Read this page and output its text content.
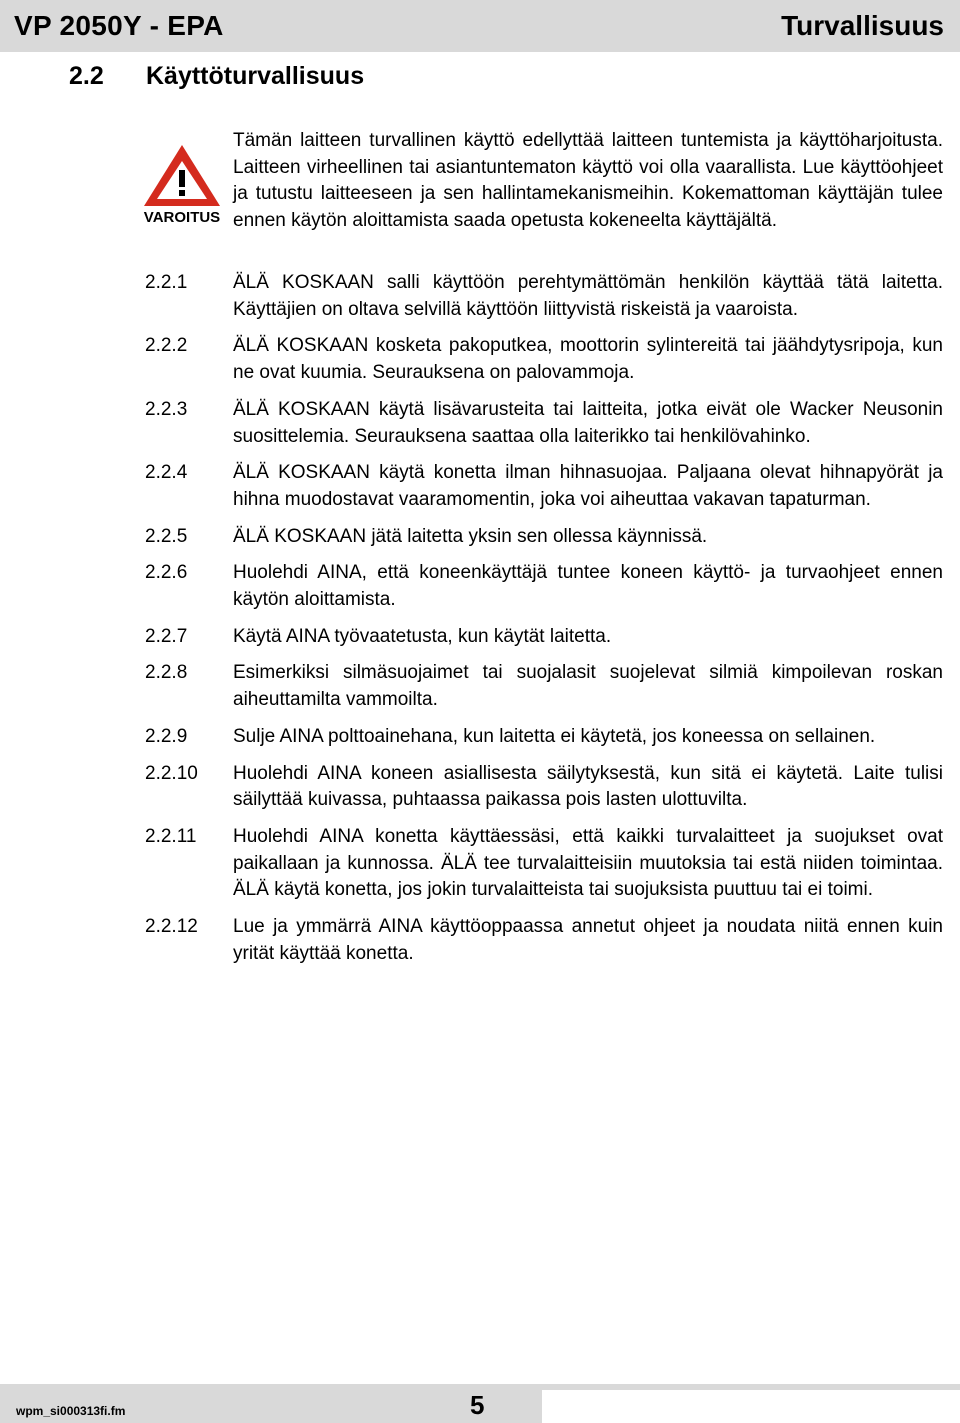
VP 2050Y - EPA	Turvallisuus
2.2 Käyttöturvallisuus
VAROITUS
Tämän laitteen turvallinen käyttö edellyttää laitteen tuntemista ja käyttöharjoitusta. Laitteen virheellinen tai asiantuntematon käyttö voi olla vaarallista. Lue käyttöohjeet ja tutustu laitteeseen ja sen hallintamekanismeihin. Kokemattoman käyttäjän tulee ennen käytön aloittamista saada opetusta kokeneelta käyttäjältä.
2.2.1 ÄLÄ KOSKAAN salli käyttöön perehtymättömän henkilön käyttää tätä laitetta. Käyttäjien on oltava selvillä käyttöön liittyvistä riskeistä ja vaaroista.
2.2.2 ÄLÄ KOSKAAN kosketa pakoputkea, moottorin sylintereitä tai jäähdytysripoja, kun ne ovat kuumia. Seurauksena on palovammoja.
2.2.3 ÄLÄ KOSKAAN käytä lisävarusteita tai laitteita, jotka eivät ole Wacker Neusonin suosittelemia. Seurauksena saattaa olla laiterikko tai henkilövahinko.
2.2.4 ÄLÄ KOSKAAN käytä konetta ilman hihnasuojaa. Paljaana olevat hihnapyörät ja hihna muodostavat vaaramomentin, joka voi aiheuttaa vakavan tapaturman.
2.2.5 ÄLÄ KOSKAAN jätä laitetta yksin sen ollessa käynnissä.
2.2.6 Huolehdi AINA, että koneenkäyttäjä tuntee koneen käyttö- ja turvaohjeet ennen käytön aloittamista.
2.2.7 Käytä AINA työvaatetusta, kun käytät laitetta.
2.2.8 Esimerkiksi silmäsuojaimet tai suojalasit suojelevat silmiä kimpoilevan roskan aiheuttamilta vammoilta.
2.2.9 Sulje AINA polttoainehana, kun laitetta ei käytetä, jos koneessa on sellainen.
2.2.10 Huolehdi AINA koneen asiallisesta säilytyksestä, kun sitä ei käytetä. Laite tulisi säilyttää kuivassa, puhtaassa paikassa pois lasten ulottuvilta.
2.2.11 Huolehdi AINA konetta käyttäessäsi, että kaikki turvalaitteet ja suojukset ovat paikallaan ja kunnossa. ÄLÄ tee turvalaitteisiin muutoksia tai estä niiden toimintaa. ÄLÄ käytä konetta, jos jokin turvalaitteista tai suojuksista puuttuu tai ei toimi.
2.2.12 Lue ja ymmärrä AINA käyttöoppaassa annetut ohjeet ja noudata niitä ennen kuin yrität käyttää konetta.
wpm_si000313fi.fm	5
